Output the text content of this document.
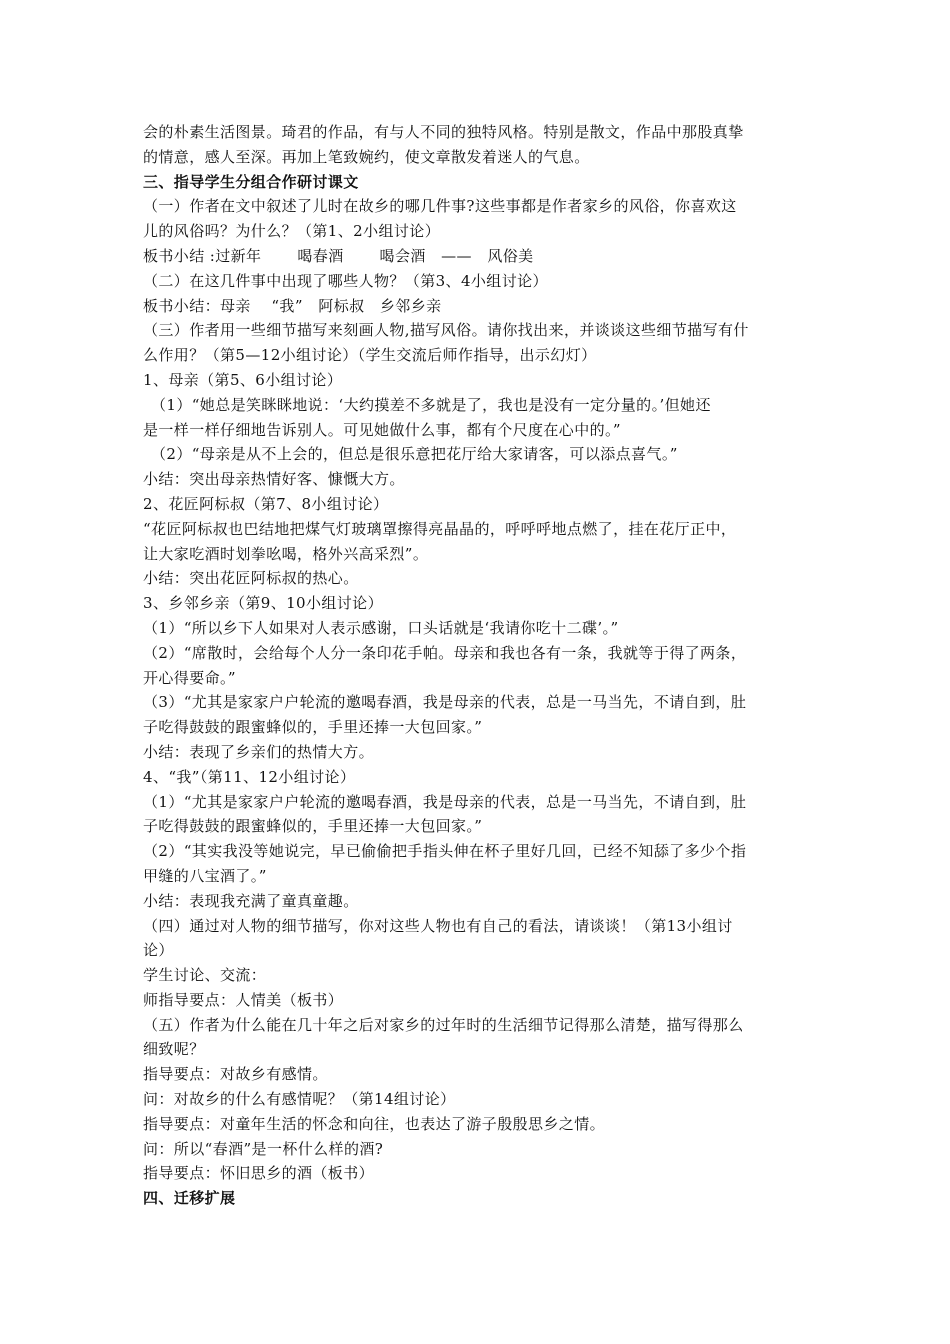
会的朴素生活图景。琦君的作品，有与人不同的独特风格。特别是散文，作品中那股真挚
的情意，感人至深。再加上笔致婉约，使文章散发着迷人的气息。
三、指导学生分组合作研讨课文
（一）作者在文中叙述了儿时在故乡的哪几件事?这些事都是作者家乡的风俗，你喜欢这
儿的风俗吗？为什么？（第1、2小组讨论）
板书小结 :过新年　　 喝春酒　　 喝会酒　——　风俗美
（二）在这几件事中出现了哪些人物？（第3、4小组讨论）
板书小结：母亲　 “我”　阿标叔　乡邻乡亲
（三）作者用一些细节描写来刻画人物,描写风俗。请你找出来，并谈谈这些细节描写有什
么作用？（第5—12小组讨论）（学生交流后师作指导，出示幻灯）
1、母亲（第5、6小组讨论）
（1）“她总是笑眯眯地说：‘大约摸差不多就是了，我也是没有一定分量的。’但她还
是一样一样仔细地告诉别人。可见她做什么事，都有个尺度在心中的。”
（2）“母亲是从不上会的，但总是很乐意把花厅给大家请客，可以添点喜气。”
小结：突出母亲热情好客、慷慨大方。
2、花匠阿标叔（第7、8小组讨论）
“花匠阿标叔也巴结地把煤气灯玻璃罩擦得亮晶晶的，呼呼呼地点燃了，挂在花厅正中，
让大家吃酒时划拳吆喝，格外兴高采烈”。
小结：突出花匠阿标叔的热心。
3、乡邻乡亲（第9、10小组讨论）
（1）“所以乡下人如果对人表示感谢，口头话就是‘我请你吃十二碟’。”
（2）“席散时，会给每个人分一条印花手帕。母亲和我也各有一条，我就等于得了两条，
开心得要命。”
（3）“尤其是家家户户轮流的邀喝春酒，我是母亲的代表，总是一马当先，不请自到，肚
子吃得鼓鼓的跟蜜蜂似的，手里还捧一大包回家。”
小结：表现了乡亲们的热情大方。
4、“我”（第11、12小组讨论）
（1）“尤其是家家户户轮流的邀喝春酒，我是母亲的代表，总是一马当先，不请自到，肚
子吃得鼓鼓的跟蜜蜂似的，手里还捧一大包回家。”
（2）“其实我没等她说完，早已偷偷把手指头伸在杯子里好几回，已经不知舔了多少个指
甲缝的八宝酒了。”
小结：表现我充满了童真童趣。
（四）通过对人物的细节描写，你对这些人物也有自己的看法，请谈谈！（第13小组讨
论）
学生讨论、交流：
师指导要点：人情美（板书）
（五）作者为什么能在几十年之后对家乡的过年时的生活细节记得那么清楚，描写得那么
细致呢？
指导要点：对故乡有感情。
问：对故乡的什么有感情呢？（第14组讨论）
指导要点：对童年生活的怀念和向往，也表达了游子殷殷思乡之情。
问：所以“春酒”是一杯什么样的酒?
指导要点：怀旧思乡的酒（板书）
四、迁移扩展
